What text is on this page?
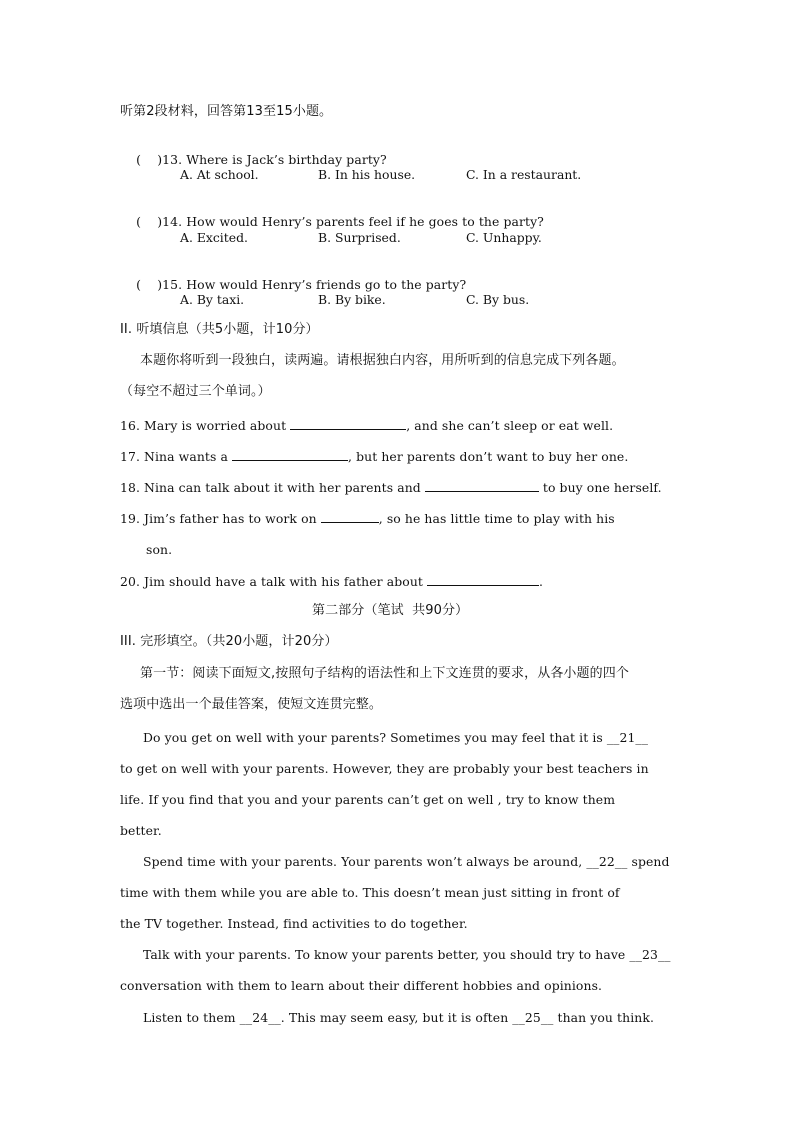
听第2段材料，回答第13至15小题。

(    )13. Where is Jack’s birthday party?

A. At school.	B. In his house.	C. In a restaurant.

(    )14. How would Henry’s parents feel if he goes to the party?

A. Excited.	B. Surprised.	C. Unhappy.

(    )15. How would Henry’s friends go to the party?

A. By taxi.	B. By bike.	C. By bus.
II. 听填信息（共5小题，计10分）
本题你将听到一段独白，读两遍。请根据独白内容，用所听到的信息完成下列各题。
（每空不超过三个单词。）
16. Mary is worried about	, and she can’t sleep or eat well.
17. Nina wants a	, but her parents don’t want to buy her one.
18. Nina can talk about it with her parents and	to buy one herself.
19. Jim’s father has to work on	, so he has little time to play with his
son.
20. Jim should have a talk with his father about	.
第二部分（笔试  共90分）
III. 完形填空。（共20小题，计20分）
第一节：阅读下面短文,按照句子结构的语法性和上下文连贯的要求，从各小题的四个
选项中选出一个最佳答案，使短文连贯完整。
Do you get on well with your parents? Sometimes you may feel that it is __21__
to get on well with your parents. However, they are probably your best teachers in
life. If you find that you and your parents can’t get on well , try to know them
better.
Spend time with your parents. Your parents won’t always be around, __22__ spend
time with them while you are able to. This doesn’t mean just sitting in front of
the TV together. Instead, find activities to do together.
Talk with your parents. To know your parents better, you should try to have __23__
conversation with them to learn about their different hobbies and opinions.
Listen to them __24__. This may seem easy, but it is often __25__ than you think.
